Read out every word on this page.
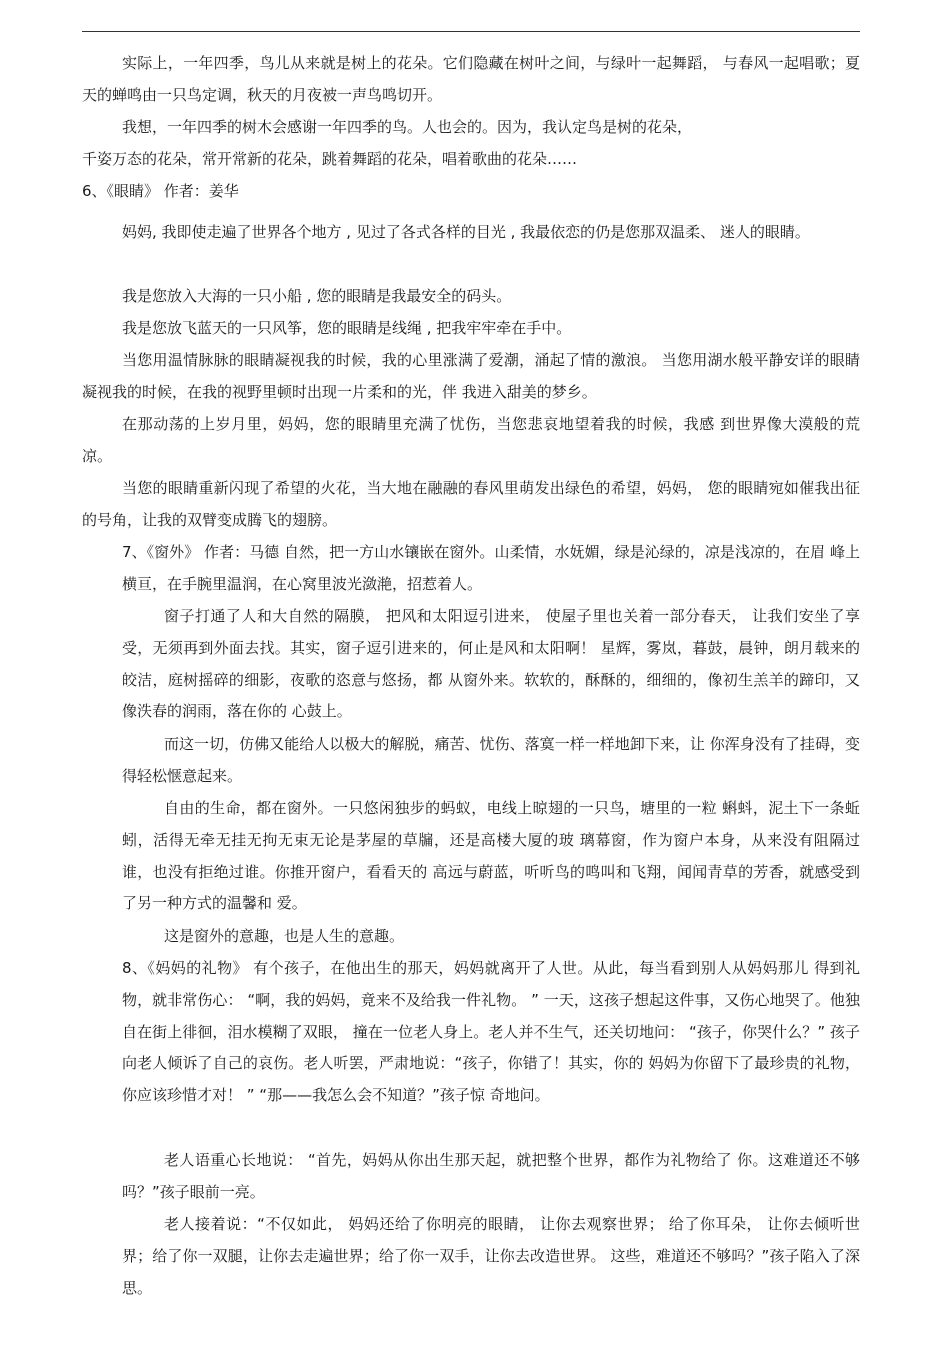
实际上，一年四季，鸟儿从来就是树上的花朵。它们隐藏在树叶之间，与绿叶一起舞蹈， 与春风一起唱歌；夏天的蝉鸣由一只鸟定调，秋天的月夜被一声鸟鸣切开。

我想，一年四季的树木会感谢一年四季的鸟。人也会的。因为，我认定鸟是树的花朵，

千姿万态的花朵，常开常新的花朵，跳着舞蹈的花朵，唱着歌曲的花朵……

6、《眼睛》 作者：姜华

妈妈, 我即使走遍了世界各个地方 , 见过了各式各样的目光 , 我最依恋的仍是您那双温柔、 迷人的眼睛。

我是您放入大海的一只小船 , 您的眼睛是我最安全的码头。

我是您放飞蓝天的一只风筝，您的眼睛是线绳 , 把我牢牢牵在手中。

当您用温情脉脉的眼睛凝视我的时候，我的心里涨满了爱潮，涌起了情的激浪。 当您用湖水般平静安详的眼睛凝视我的时候，在我的视野里顿时出现一片柔和的光，伴 我进入甜美的梦乡。

在那动荡的上岁月里，妈妈，您的眼睛里充满了忧伤，当您悲哀地望着我的时候，我感 到世界像大漠般的荒凉。

当您的眼睛重新闪现了希望的火花，当大地在融融的春风里萌发出绿色的希望，妈妈， 您的眼睛宛如催我出征的号角，让我的双臂变成腾飞的翅膀。

7、《窗外》 作者：马德 自然，把一方山水镶嵌在窗外。山柔情，水妩媚，绿是沁绿的，凉是浅凉的，在眉 峰上横亘，在手腕里温润，在心窝里波光潋滟，招惹着人。

窗子打通了人和大自然的隔膜， 把风和太阳逗引进来， 使屋子里也关着一部分春天， 让我们安坐了享受，无须再到外面去找。其实，窗子逗引进来的，何止是风和太阳啊！ 星辉，雾岚，暮鼓，晨钟，朗月载来的皎洁，庭树摇碎的细影，夜歌的恣意与悠扬，都 从窗外来。软软的，酥酥的，细细的，像初生羔羊的蹄印，又像泆春的润雨，落在你的 心鼓上。

而这一切，仿佛又能给人以极大的解脱，痛苦、忧伤、落寞一样一样地卸下来，让 你浑身没有了挂碍，变得轻松惬意起来。

自由的生命，都在窗外。一只悠闲独步的蚂蚁，电线上晾翅的一只鸟，塘里的一粒 蝌蚪，泥土下一条蚯蚓，活得无牵无挂无拘无束无论是茅屋的草牖，还是高楼大厦的玻 璃幕窗，作为窗户本身，从来没有阻隔过谁，也没有拒绝过谁。你推开窗户，看看天的 高远与蔚蓝，听听鸟的鸣叫和飞翔，闻闻青草的芳香，就感受到了另一种方式的温馨和 爱。

这是窗外的意趣，也是人生的意趣。

8、《妈妈的礼物》 有个孩子，在他出生的那天，妈妈就离开了人世。从此，每当看到别人从妈妈那儿 得到礼物，就非常伤心： “啊，我的妈妈，竟来不及给我一件礼物。 ” 一天，这孩子想起这件事，又伤心地哭了。他独自在街上徘徊，泪水模糊了双眼， 撞在一位老人身上。老人并不生气，还关切地问： “孩子，你哭什么？” 孩子向老人倾诉了自己的哀伤。老人听罢，严肃地说：“孩子，你错了！其实，你的 妈妈为你留下了最珍贵的礼物，你应该珍惜才对！ ” “那——我怎么会不知道？”孩子惊 奇地问。

老人语重心长地说： “首先，妈妈从你出生那天起，就把整个世界，都作为礼物给了 你。这难道还不够吗？”孩子眼前一亮。

老人接着说：“不仅如此， 妈妈还给了你明亮的眼睛， 让你去观察世界； 给了你耳朵， 让你去倾听世界；给了你一双腿，让你去走遍世界；给了你一双手，让你去改造世界。 这些，难道还不够吗？”孩子陷入了深思。
